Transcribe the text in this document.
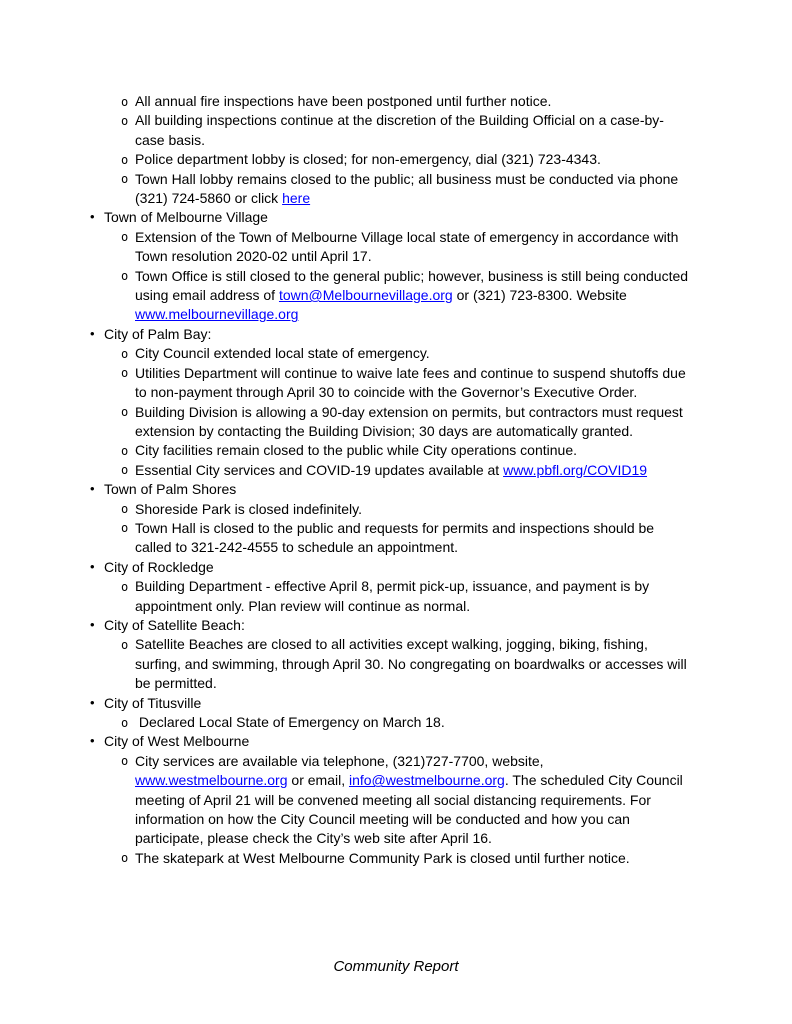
o All annual fire inspections have been postponed until further notice.
o All building inspections continue at the discretion of the Building Official on a case-by-case basis.
o Police department lobby is closed; for non-emergency, dial (321) 723-4343.
o Town Hall lobby remains closed to the public; all business must be conducted via phone (321) 724-5860 or click here
• Town of Melbourne Village
o Extension of the Town of Melbourne Village local state of emergency in accordance with Town resolution 2020-02 until April 17.
o Town Office is still closed to the general public; however, business is still being conducted using email address of town@Melbournevillage.org or (321) 723-8300. Website www.melbournevillage.org
• City of Palm Bay:
o City Council extended local state of emergency.
o Utilities Department will continue to waive late fees and continue to suspend shutoffs due to non-payment through April 30 to coincide with the Governor’s Executive Order.
o Building Division is allowing a 90-day extension on permits, but contractors must request extension by contacting the Building Division; 30 days are automatically granted.
o City facilities remain closed to the public while City operations continue.
o Essential City services and COVID-19 updates available at www.pbfl.org/COVID19
• Town of Palm Shores
o Shoreside Park is closed indefinitely.
o Town Hall is closed to the public and requests for permits and inspections should be called to 321-242-4555 to schedule an appointment.
• City of Rockledge
o Building Department - effective April 8, permit pick-up, issuance, and payment is by appointment only. Plan review will continue as normal.
• City of Satellite Beach:
o Satellite Beaches are closed to all activities except walking, jogging, biking, fishing, surfing, and swimming, through April 30. No congregating on boardwalks or accesses will be permitted.
• City of Titusville
o Declared Local State of Emergency on March 18.
• City of West Melbourne
o City services are available via telephone, (321)727-7700, website, www.westmelbourne.org or email, info@westmelbourne.org. The scheduled City Council meeting of April 21 will be convened meeting all social distancing requirements. For information on how the City Council meeting will be conducted and how you can participate, please check the City’s web site after April 16.
o The skatepark at West Melbourne Community Park is closed until further notice.
Community Report
